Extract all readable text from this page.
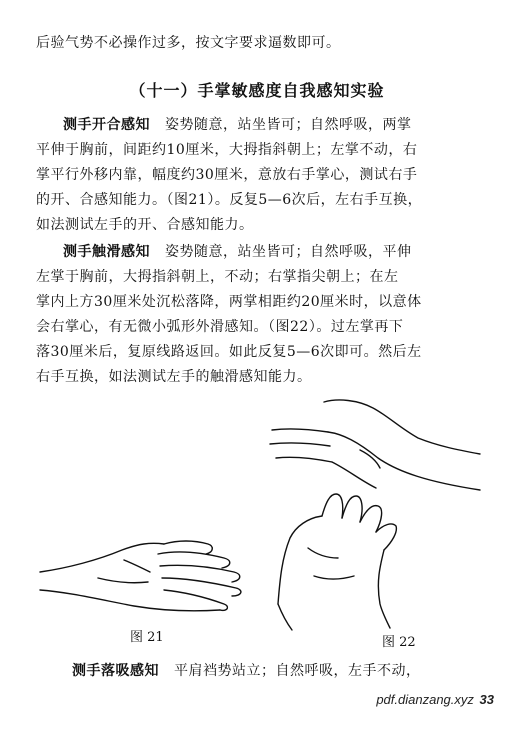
后验气势不必操作过多，按文字要求逼数即可。
（十一）手掌敏感度自我感知实验
测手开合感知 姿势随意，站坐皆可；自然呼吸，两掌
平伸于胸前，间距约10厘米，大拇指斜朝上；左掌不动，右
掌平行外移内靠，幅度约30厘米，意放右手掌心，测试右手
的开、合感知能力。（图21）。反复5—6次后，左右手互换，
如法测试左手的开、合感知能力。
测手触滑感知 姿势随意，站坐皆可；自然呼吸，平伸
左掌于胸前，大拇指斜朝上，不动；右掌指尖朝上；在左
掌内上方30厘米处沉松落降，两掌相距约20厘米时，以意体
会右掌心，有无微小弧形外滑感知。（图22）。过左掌再下
落30厘米后，复原线路返回。如此反复5—6次即可。然后左
右手互换，如法测试左手的触滑感知能力。
图 21	图 22
测手落吸感知 平肩裆势站立；自然呼吸，左手不动，
pdf.dianzang.xyz 33
